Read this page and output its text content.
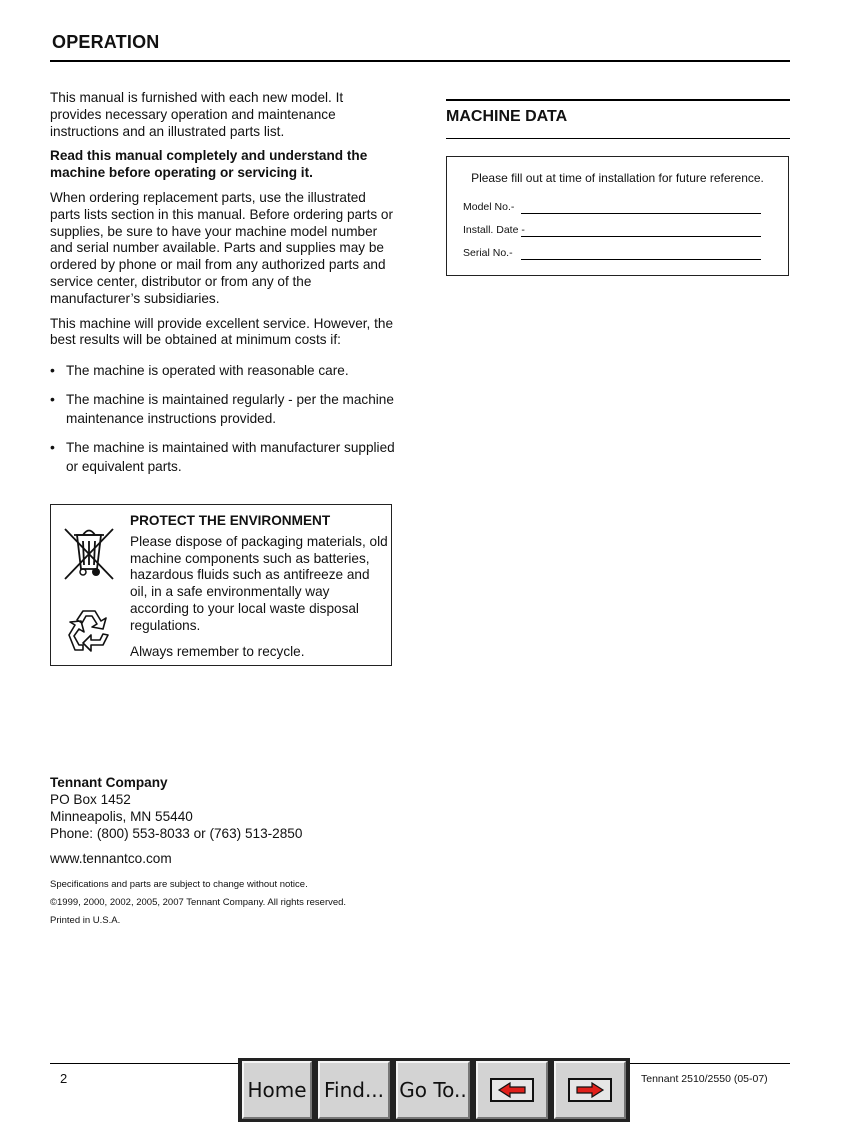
OPERATION

This manual is furnished with each new model. It provides necessary operation and maintenance instructions and an illustrated parts list.

Read this manual completely and understand the machine before operating or servicing it.

When ordering replacement parts, use the illustrated parts lists section in this manual. Before ordering parts or supplies, be sure to have your machine model number and serial number available. Parts and supplies may be ordered by phone or mail from any authorized parts and service center, distributor or from any of the manufacturer’s subsidiaries.

This machine will provide excellent service. However, the best results will be obtained at minimum costs if:

• The machine is operated with reasonable care.
• The machine is maintained regularly - per the machine maintenance instructions provided.
• The machine is maintained with manufacturer supplied or equivalent parts.
PROTECT THE ENVIRONMENT

Please dispose of packaging materials, old machine components such as batteries, hazardous fluids such as antifreeze and oil, in a safe environmentally way according to your local waste disposal regulations.

Always remember to recycle.
MACHINE DATA
Please fill out at time of installation for future reference.
Model No.-
Install. Date -
Serial No.-
Tennant Company
PO Box 1452
Minneapolis, MN 55440
Phone: (800) 553-8033 or (763) 513-2850
www.tennantco.com
Specifications and parts are subject to change without notice.
©1999, 2000, 2002, 2005, 2007 Tennant Company. All rights reserved.
Printed in U.S.A.
2	Tennant 2510/2550 (05-07)
Home Find... Go To..
